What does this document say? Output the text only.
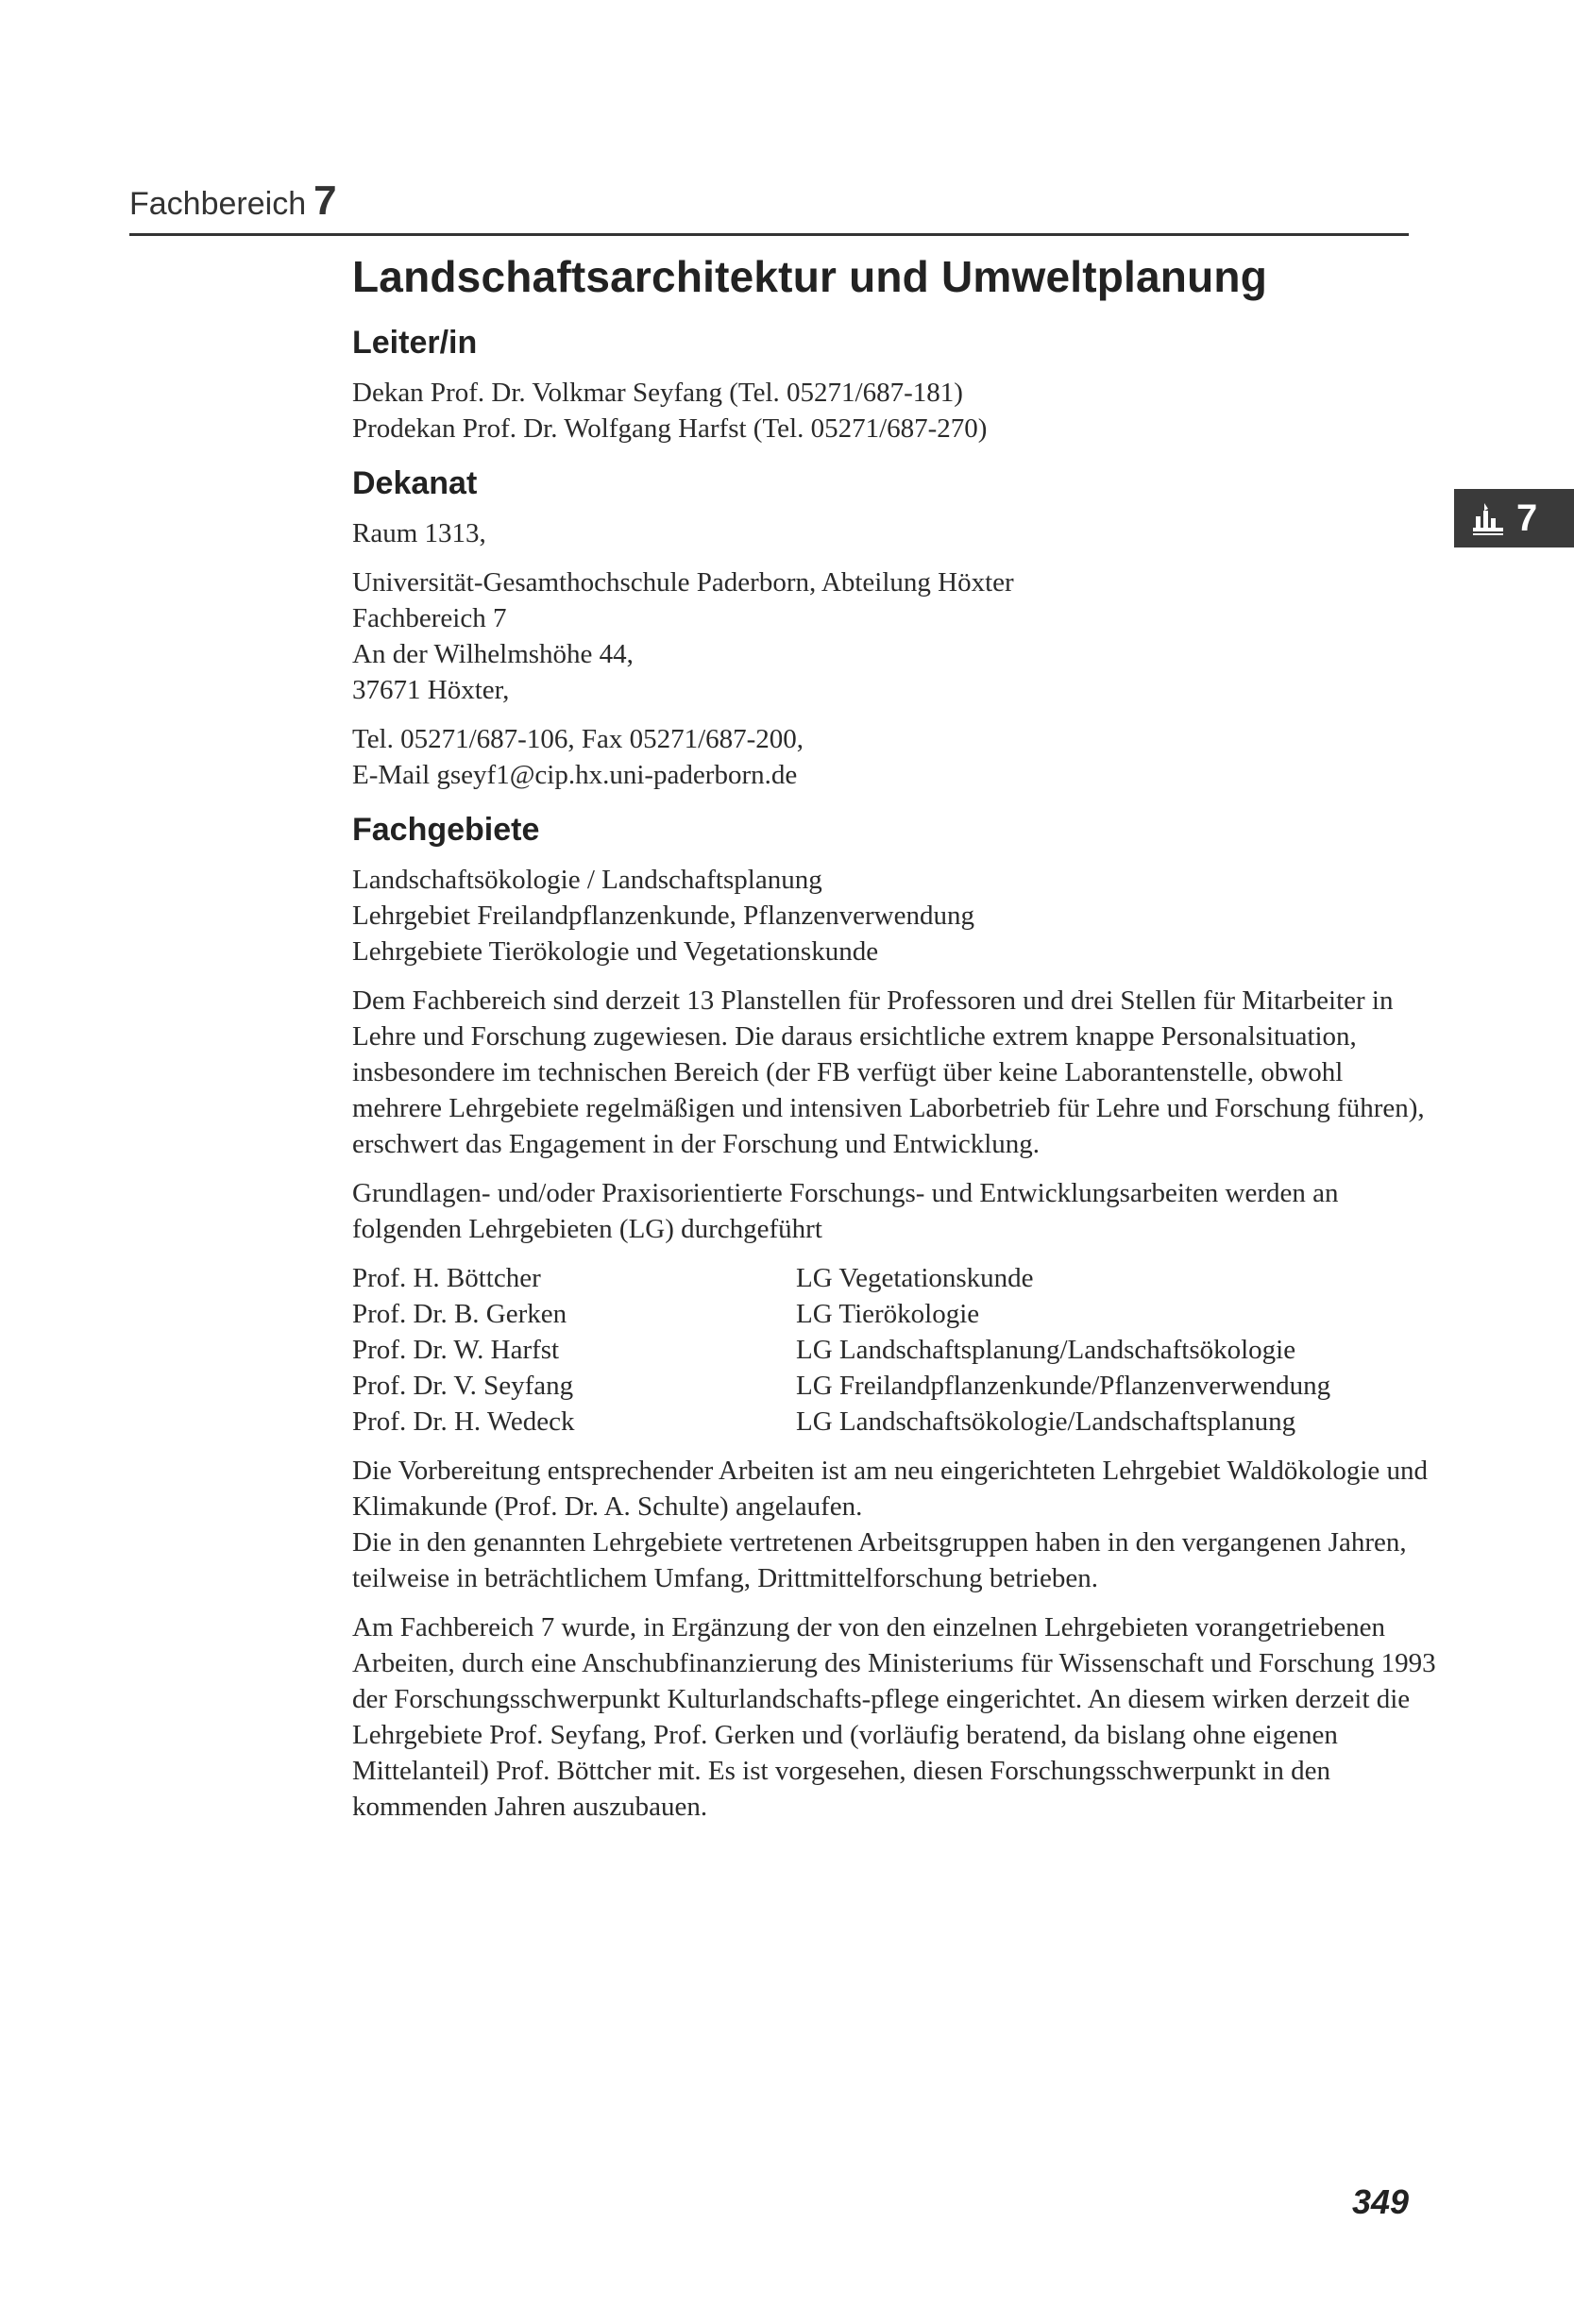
Fachbereich 7
7
Landschaftsarchitektur und Umweltplanung
Leiter/in

Dekan Prof. Dr. Volkmar Seyfang (Tel. 05271/687-181)
Prodekan Prof. Dr. Wolfgang Harfst (Tel. 05271/687-270)

Dekanat

Raum 1313,

Universität-Gesamthochschule Paderborn, Abteilung Höxter
Fachbereich 7
An der Wilhelmshöhe 44,
37671 Höxter,

Tel. 05271/687-106, Fax 05271/687-200,
E-Mail gseyf1@cip.hx.uni-paderborn.de

Fachgebiete

Landschaftsökologie / Landschaftsplanung
Lehrgebiet Freilandpflanzenkunde, Pflanzenverwendung
Lehrgebiete Tierökologie und Vegetationskunde

Dem Fachbereich sind derzeit 13 Planstellen für Professoren und drei Stellen für Mitarbeiter in Lehre und Forschung zugewiesen. Die daraus ersichtliche extrem knappe Personalsituation, insbesondere im technischen Bereich (der FB verfügt über keine Laborantenstelle, obwohl mehrere Lehrgebiete regelmäßigen und intensiven Laborbetrieb für Lehre und Forschung führen), erschwert das Engagement in der Forschung und Entwicklung.

Grundlagen- und/oder Praxisorientierte Forschungs- und Entwicklungsarbeiten werden an folgenden Lehrgebieten (LG) durchgeführt

Prof. H. Böttcher	LG Vegetationskunde
Prof. Dr. B. Gerken	LG Tierökologie
Prof. Dr. W. Harfst	LG Landschaftsplanung/Landschaftsökologie
Prof. Dr. V. Seyfang	LG Freilandpflanzenkunde/Pflanzenverwendung
Prof. Dr. H. Wedeck	LG Landschaftsökologie/Landschaftsplanung

Die Vorbereitung entsprechender Arbeiten ist am neu eingerichteten Lehrgebiet Waldökologie und Klimakunde (Prof. Dr. A. Schulte) angelaufen.
Die in den genannten Lehrgebiete vertretenen Arbeitsgruppen haben in den vergangenen Jahren, teilweise in beträchtlichem Umfang, Drittmittelforschung betrieben.

Am Fachbereich 7 wurde, in Ergänzung der von den einzelnen Lehrgebieten vorangetriebenen Arbeiten, durch eine Anschubfinanzierung des Ministeriums für Wissenschaft und Forschung 1993 der Forschungsschwerpunkt Kulturlandschafts-pflege eingerichtet. An diesem wirken derzeit die Lehrgebiete Prof. Seyfang, Prof. Gerken und (vorläufig beratend, da bislang ohne eigenen Mittelanteil) Prof. Böttcher mit. Es ist vorgesehen, diesen Forschungsschwerpunkt in den kommenden Jahren auszubauen.

349
